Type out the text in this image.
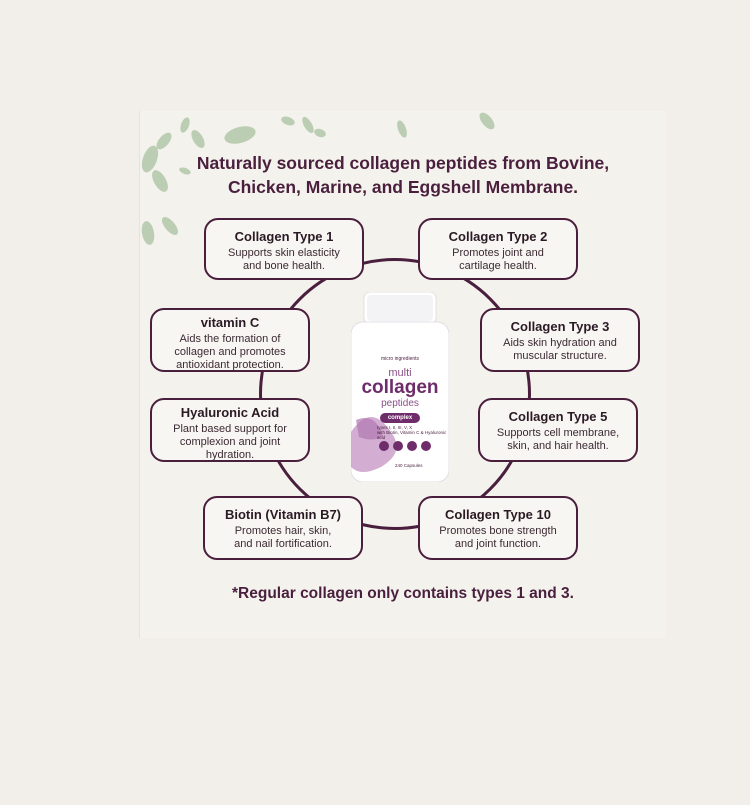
Naturally sourced collagen peptides from Bovine,
Chicken, Marine, and Eggshell Membrane.
micro ingredients
multi
collagen
peptides
complex
types I, II, III, V, X
with Biotin, Vitamin C & Hyaluronic acid
240 Capsules
Collagen Type 1
Supports skin elasticity
and bone health.
Collagen Type 2
Promotes joint and
cartilage health.
vitamin C
Aids the formation of
collagen and promotes
antioxidant protection.
Collagen Type 3
Aids skin hydration and
muscular structure.
Hyaluronic Acid
Plant based support for
complexion and joint
hydration.
Collagen Type 5
Supports cell membrane,
skin, and hair health.
Biotin (Vitamin B7)
Promotes hair, skin,
and nail fortification.
Collagen Type 10
Promotes bone strength
and joint function.
*Regular collagen only contains types 1 and 3.
